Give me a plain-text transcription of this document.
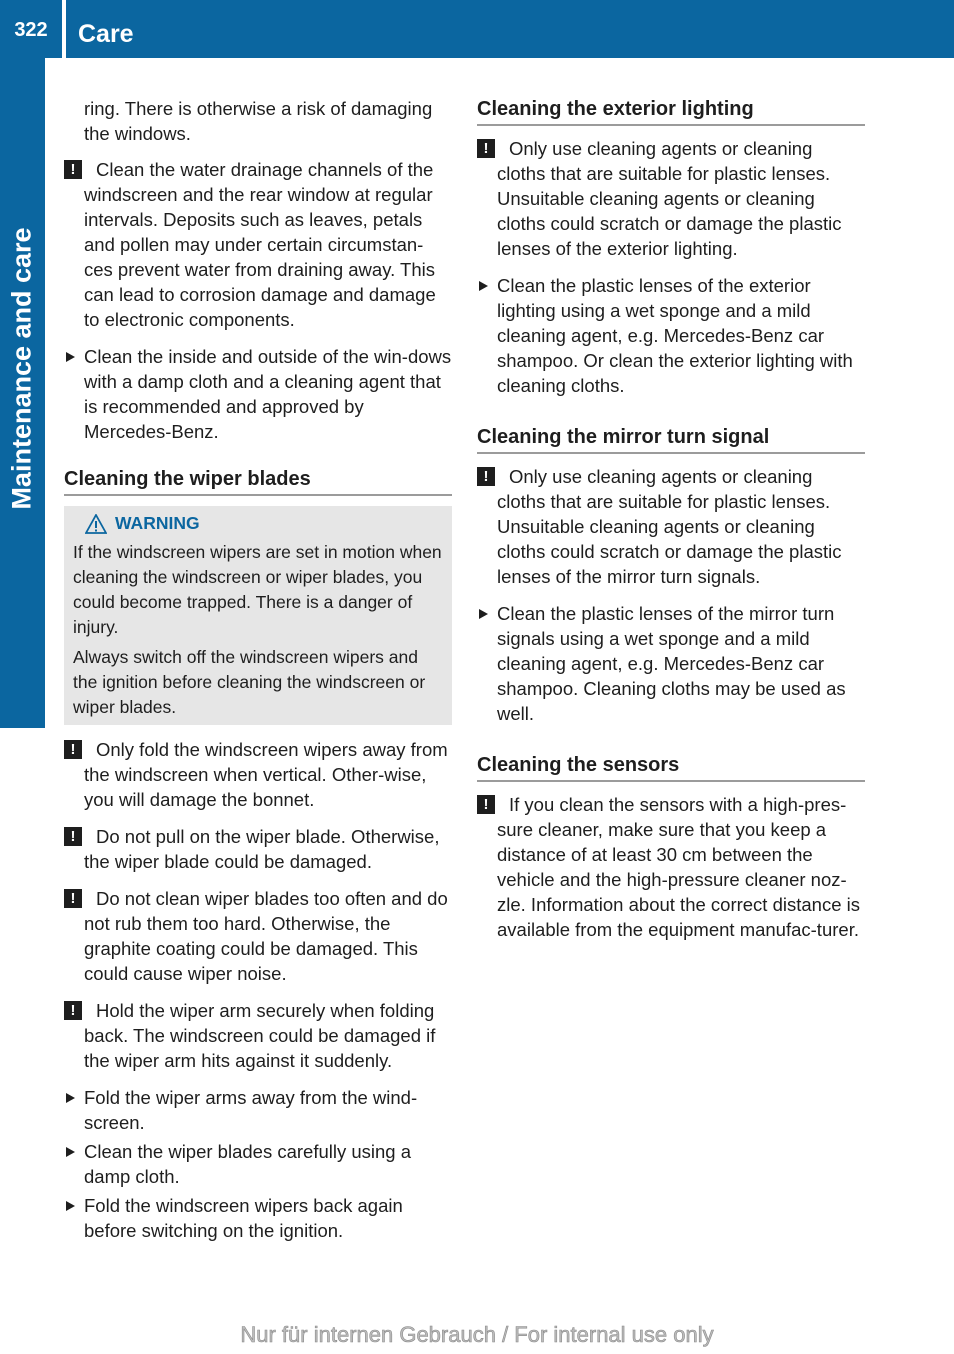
322	Care
Maintenance and care

ring. There is otherwise a risk of damaging the windows.

!	Clean the water drainage channels of the windscreen and the rear window at regular intervals. Deposits such as leaves, petals and pollen may under certain circumstan-ces prevent water from draining away. This can lead to corrosion damage and damage to electronic components.
Clean the inside and outside of the win-dows with a damp cloth and a cleaning agent that is recommended and approved by Mercedes-Benz.
Cleaning the wiper blades
WARNING

If the windscreen wipers are set in motion when cleaning the windscreen or wiper blades, you could become trapped. There is a danger of injury.

Always switch off the windscreen wipers and the ignition before cleaning the windscreen or wiper blades.

!	Only fold the windscreen wipers away from the windscreen when vertical. Other-wise, you will damage the bonnet.
!	Do not pull on the wiper blade. Otherwise, the wiper blade could be damaged.
!	Do not clean wiper blades too often and do not rub them too hard. Otherwise, the graphite coating could be damaged. This could cause wiper noise.
!	Hold the wiper arm securely when folding back. The windscreen could be damaged if the wiper arm hits against it suddenly.
Fold the wiper arms away from the wind-screen.
Clean the wiper blades carefully using a damp cloth.
Fold the windscreen wipers back again before switching on the ignition.
Cleaning the exterior lighting
!	Only use cleaning agents or cleaning cloths that are suitable for plastic lenses. Unsuitable cleaning agents or cleaning cloths could scratch or damage the plastic lenses of the exterior lighting.
Clean the plastic lenses of the exterior lighting using a wet sponge and a mild cleaning agent, e.g. Mercedes-Benz car shampoo. Or clean the exterior lighting with cleaning cloths.
Cleaning the mirror turn signal
!	Only use cleaning agents or cleaning cloths that are suitable for plastic lenses. Unsuitable cleaning agents or cleaning cloths could scratch or damage the plastic lenses of the mirror turn signals.
Clean the plastic lenses of the mirror turn signals using a wet sponge and a mild cleaning agent, e.g. Mercedes-Benz car shampoo. Cleaning cloths may be used as well.
Cleaning the sensors
!	If you clean the sensors with a high-pres-sure cleaner, make sure that you keep a distance of at least 30 cm between the vehicle and the high-pressure cleaner noz-zle. Information about the correct distance is available from the equipment manufac-turer.
Nur für internen Gebrauch / For internal use only
